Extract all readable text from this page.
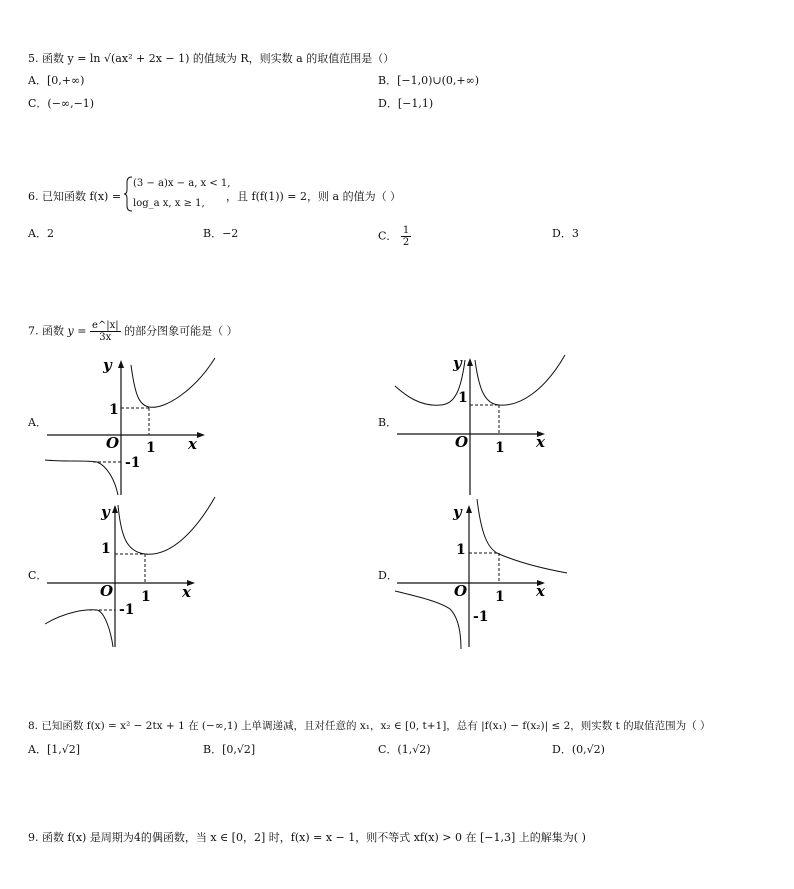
5. 函数 y = ln √(ax² + 2x − 1) 的值域为 R，则实数 a 的取值范围是（）
A．[0,+∞)	B．[−1,0)∪(0,+∞)
C．(−∞,−1)	D．[−1,1)
6. 已知函数 f(x) =
(3 − a)x − a, x < 1,
log_a x, x ≥ 1,
，且 f(f(1)) = 2，则 a 的值为（ ）
A．2	B．−2	C． $\frac{1}{2}$	D．3
7. 函数 $y = \frac{e\^{}|x|}{3x}$ 的部分图象可能是（ ）
A．	B．
C．	D．
y
x
O
1
1
-1
y
x
O
1
1
y
x
O
1
1
-1
y
x
O
1
1
-1
8. 已知函数 f(x) = x² − 2tx + 1 在 (−∞,1) 上单调递减，且对任意的 x₁，x₂ ∈ [0, t+1]，总有 |f(x₁) − f(x₂)| ≤ 2，则实数 t 的取值范围为（ ）
A．[1,√2]	B．[0,√2]	C．(1,√2)	D．(0,√2)
9. 函数 f(x) 是周期为4的偶函数，当 x ∈ [0，2] 时，f(x) = x − 1，则不等式 xf(x) > 0 在 [−1,3] 上的解集为( )
